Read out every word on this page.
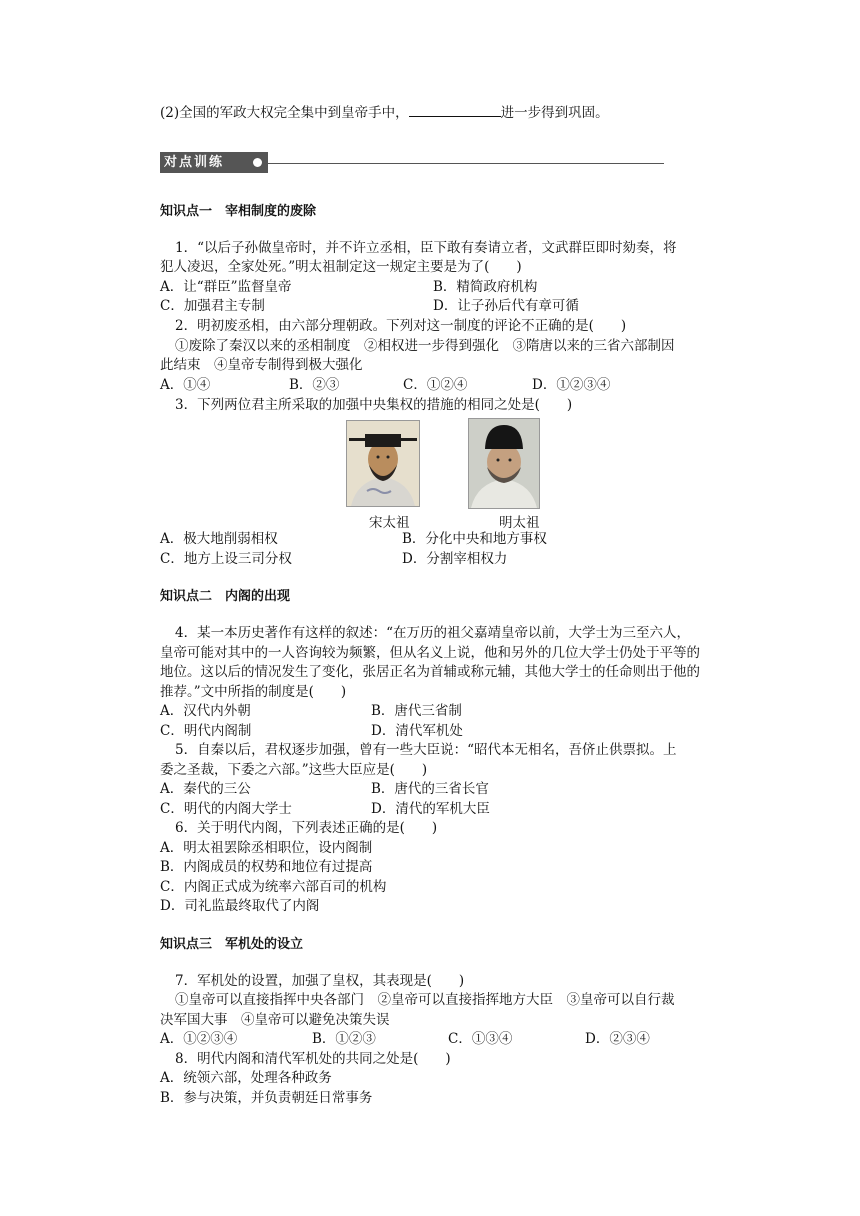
(2)全国的军政大权完全集中到皇帝手中，	进一步得到巩固。
对点训练
知识点一　宰相制度的废除
1．“以后子孙做皇帝时，并不许立丞相，臣下敢有奏请立者，文武群臣即时劾奏，将
犯人凌迟，全家处死。”明太祖制定这一规定主要是为了(　　)
A．让“群臣”监督皇帝	B．精简政府机构
C．加强君主专制	D．让子孙后代有章可循
2．明初废丞相，由六部分理朝政。下列对这一制度的评论不正确的是(　　)
①废除了秦汉以来的丞相制度　②相权进一步得到强化　③隋唐以来的三省六部制因
此结束　④皇帝专制得到极大强化
A．①④	B．②③	C．①②④	D．①②③④
3．下列两位君主所采取的加强中央集权的措施的相同之处是(　　)
宋太祖	明太祖
A．极大地削弱相权	B．分化中央和地方事权
C．地方上设三司分权	D．分割宰相权力
知识点二　内阁的出现
4．某一本历史著作有这样的叙述：“在万历的祖父嘉靖皇帝以前，大学士为三至六人，
皇帝可能对其中的一人咨询较为频繁，但从名义上说，他和另外的几位大学士仍处于平等的
地位。这以后的情况发生了变化，张居正名为首辅或称元辅，其他大学士的任命则出于他的
推荐。”文中所指的制度是(　　)
A．汉代内外朝	B．唐代三省制
C．明代内阁制	D．清代军机处
5．自秦以后，君权逐步加强，曾有一些大臣说：“昭代本无相名，吾侪止供票拟。上
委之圣裁，下委之六部。”这些大臣应是(　　)
A．秦代的三公	B．唐代的三省长官
C．明代的内阁大学士	D．清代的军机大臣
6．关于明代内阁，下列表述正确的是(　　)
A．明太祖罢除丞相职位，设内阁制
B．内阁成员的权势和地位有过提高
C．内阁正式成为统率六部百司的机构
D．司礼监最终取代了内阁
知识点三　军机处的设立
7．军机处的设置，加强了皇权，其表现是(　　)
①皇帝可以直接指挥中央各部门　②皇帝可以直接指挥地方大臣　③皇帝可以自行裁
决军国大事　④皇帝可以避免决策失误
A．①②③④	B．①②③	C．①③④	D．②③④
8．明代内阁和清代军机处的共同之处是(　　)
A．统领六部，处理各种政务
B．参与决策，并负责朝廷日常事务
